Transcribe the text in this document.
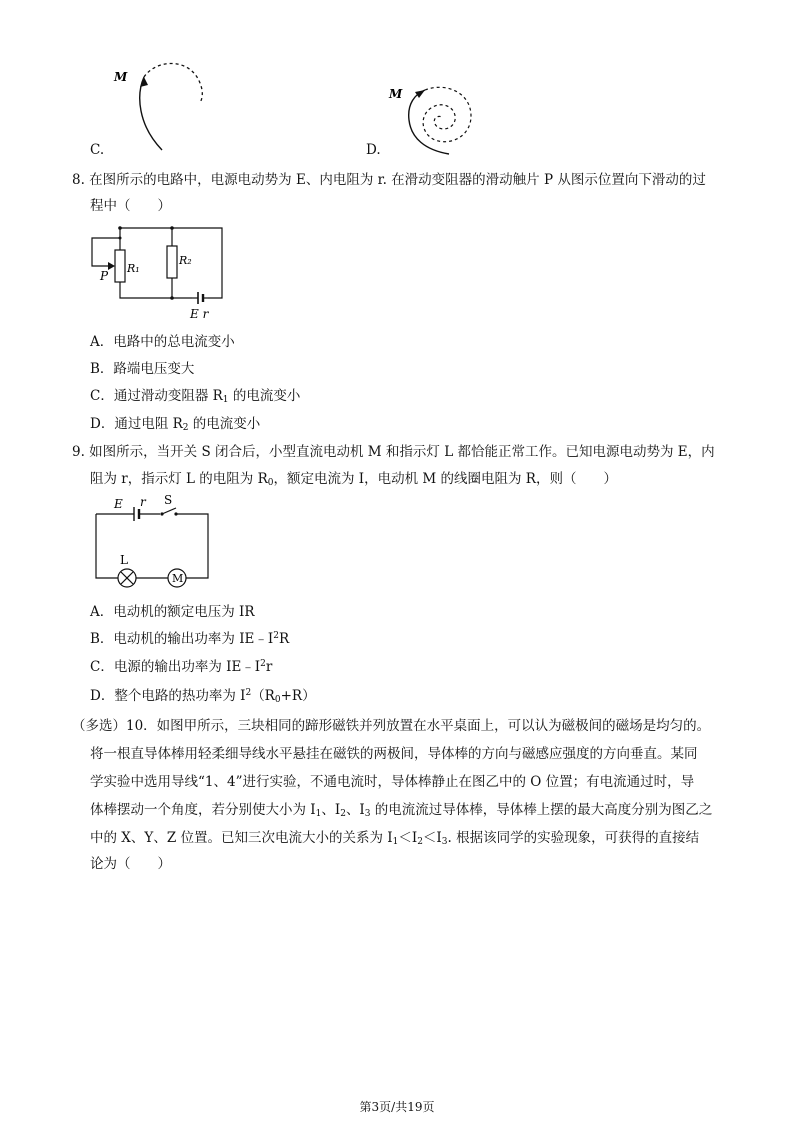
M
C.
M
D.
8. 在图所示的电路中，电源电动势为 E、内电阻为 r. 在滑动变阻器的滑动触片 P 从图示位置向下滑动的过
程中（　　）
P
R₁
R₂
E r
A．电路中的总电流变小
B．路端电压变大
C．通过滑动变阻器 $R_1$ 的电流变小
D．通过电阻 $R_2$ 的电流变小
9. 如图所示，当开关 S 闭合后，小型直流电动机 M 和指示灯 L 都恰能正常工作。已知电源电动势为 E，内
阻为 r，指示灯 L 的电阻为 $R_0$，额定电流为 I，电动机 M 的线圈电阻为 R，则（　　）
E r S
L
M
A．电动机的额定电压为 IR
B．电动机的输出功率为 $IE﹣I^2R$
C．电源的输出功率为 $IE﹣I^2r$
D．整个电路的热功率为 $I^2(R_0+R)$
（多选）10．如图甲所示，三块相同的蹄形磁铁并列放置在水平桌面上，可以认为磁极间的磁场是均匀的。
将一根直导体棒用轻柔细导线水平悬挂在磁铁的两极间，导体棒的方向与磁感应强度的方向垂直。某同
学实验中选用导线“1、4”进行实验，不通电流时，导体棒静止在图乙中的 O 位置；有电流通过时，导
体棒摆动一个角度，若分别使大小为 $I_1$、$I_2$、$I_3$ 的电流流过导体棒，导体棒上摆的最大高度分别为图乙之
中的 X、Y、Z 位置。已知三次电流大小的关系为 $I_1<I_2<I_3$. 根据该同学的实验现象，可获得的直接结
论为（　　）
第3页/共19页
